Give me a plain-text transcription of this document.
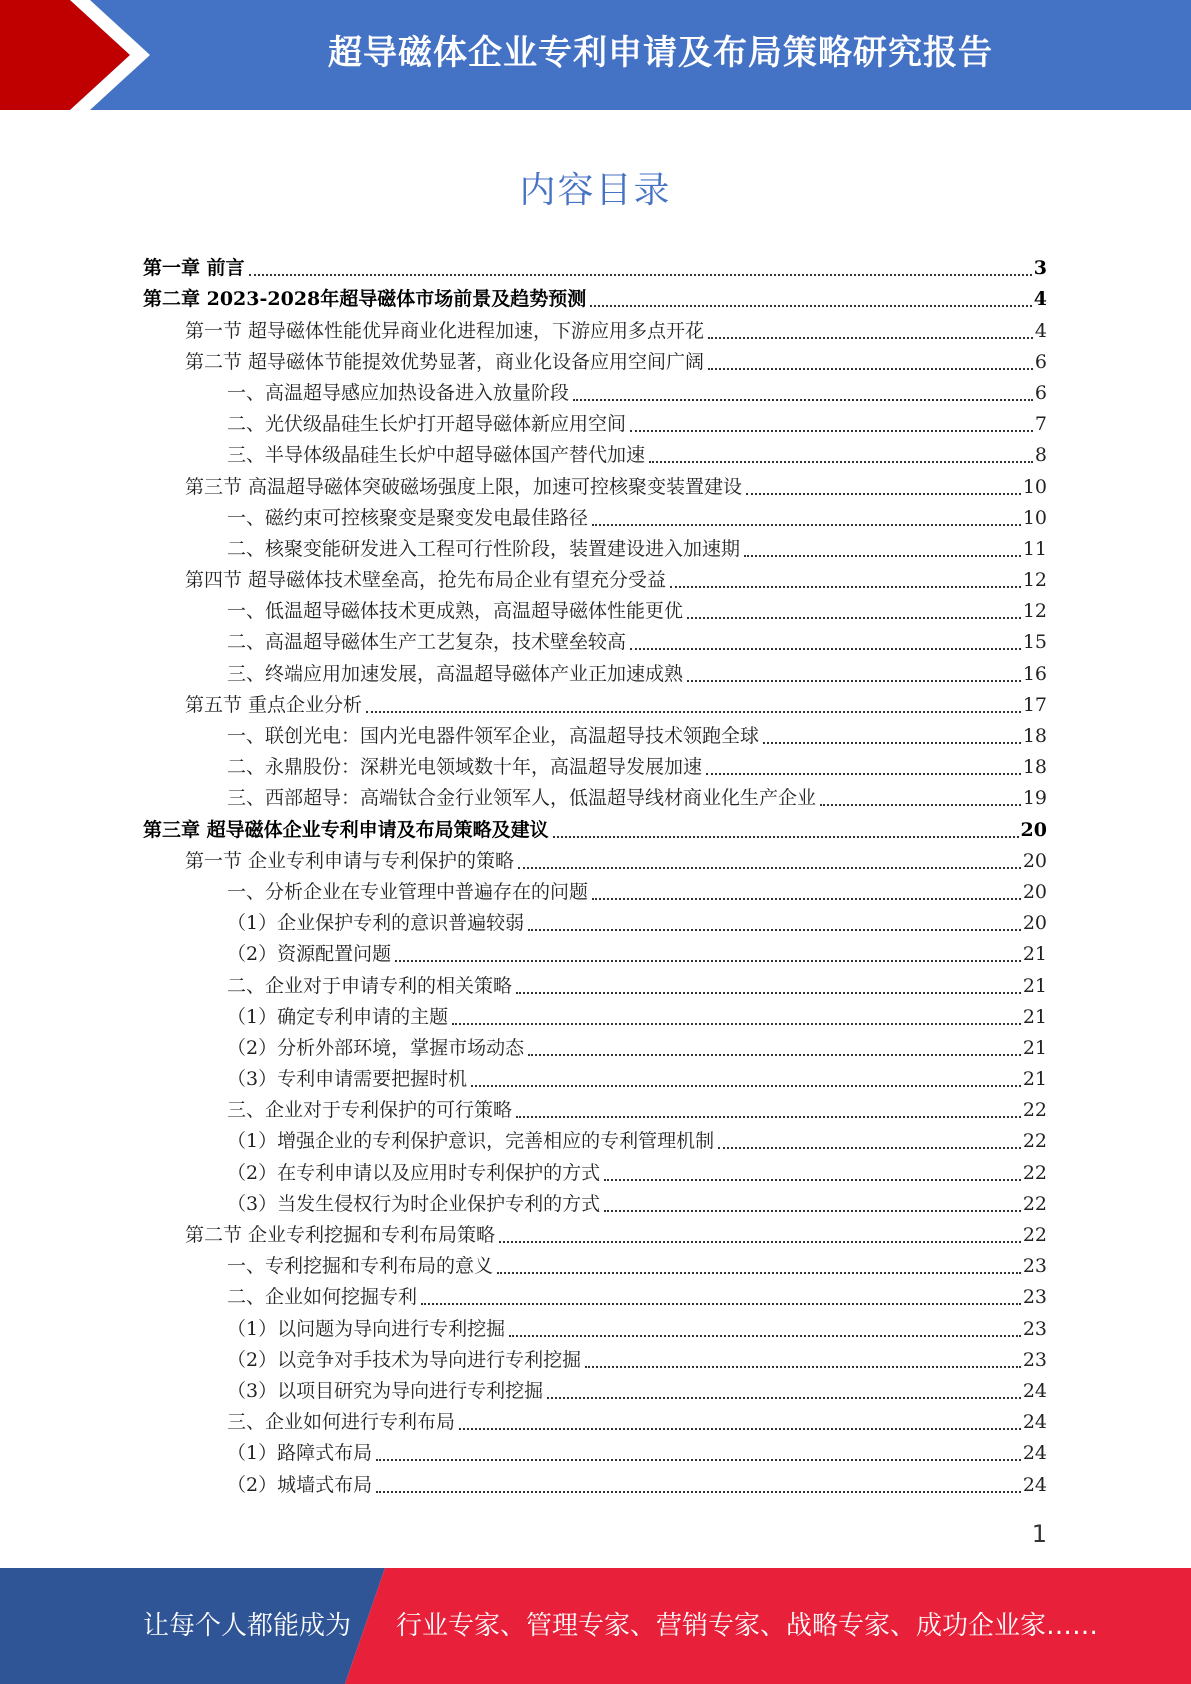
超导磁体企业专利申请及布局策略研究报告
内容目录
第一章 前言	3
第二章 2023-2028年超导磁体市场前景及趋势预测	4
第一节 超导磁体性能优异商业化进程加速，下游应用多点开花	4
第二节 超导磁体节能提效优势显著，商业化设备应用空间广阔	6
一、高温超导感应加热设备进入放量阶段	6
二、光伏级晶硅生长炉打开超导磁体新应用空间	7
三、半导体级晶硅生长炉中超导磁体国产替代加速	8
第三节 高温超导磁体突破磁场强度上限，加速可控核聚变装置建设	10
一、磁约束可控核聚变是聚变发电最佳路径	10
二、核聚变能研发进入工程可行性阶段，装置建设进入加速期	11
第四节 超导磁体技术壁垒高，抢先布局企业有望充分受益	12
一、低温超导磁体技术更成熟，高温超导磁体性能更优	12
二、高温超导磁体生产工艺复杂，技术壁垒较高	15
三、终端应用加速发展，高温超导磁体产业正加速成熟	16
第五节 重点企业分析	17
一、联创光电：国内光电器件领军企业，高温超导技术领跑全球	18
二、永鼎股份：深耕光电领域数十年，高温超导发展加速	18
三、西部超导：高端钛合金行业领军人，低温超导线材商业化生产企业	19
第三章 超导磁体企业专利申请及布局策略及建议	20
第一节 企业专利申请与专利保护的策略	20
一、分析企业在专业管理中普遍存在的问题	20
（1）企业保护专利的意识普遍较弱	20
（2）资源配置问题	21
二、企业对于申请专利的相关策略	21
（1）确定专利申请的主题	21
（2）分析外部环境，掌握市场动态	21
（3）专利申请需要把握时机	21
三、企业对于专利保护的可行策略	22
（1）增强企业的专利保护意识，完善相应的专利管理机制	22
（2）在专利申请以及应用时专利保护的方式	22
（3）当发生侵权行为时企业保护专利的方式	22
第二节 企业专利挖掘和专利布局策略	22
一、专利挖掘和专利布局的意义	23
二、企业如何挖掘专利	23
（1）以问题为导向进行专利挖掘	23
（2）以竞争对手技术为导向进行专利挖掘	23
（3）以项目研究为导向进行专利挖掘	24
三、企业如何进行专利布局	24
（1）路障式布局	24
（2）城墙式布局	24
1
让每个人都能成为 行业专家、管理专家、营销专家、战略专家、成功企业家……
